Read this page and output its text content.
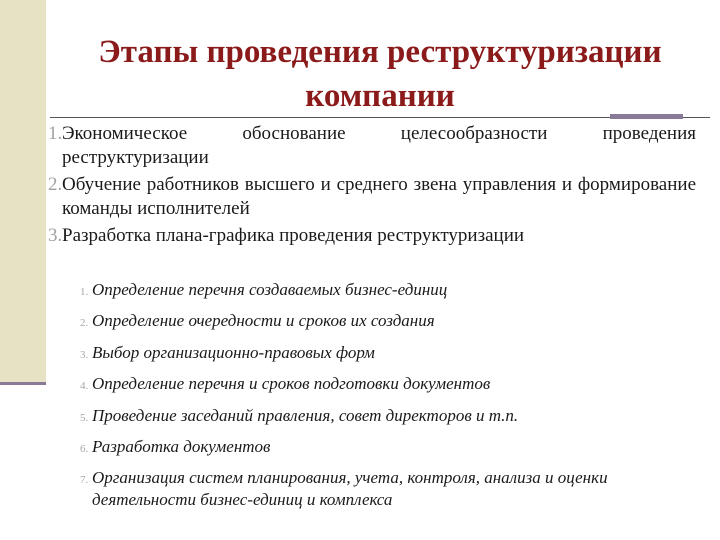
Этапы проведения реструктуризации компании
1. Экономическое обоснование целесообразности проведения реструктуризации
2. Обучение работников высшего и среднего звена управления и формирование команды исполнителей
3. Разработка плана-графика проведения реструктуризации
1. Определение перечня создаваемых бизнес-единиц
2. Определение очередности и сроков их создания
3. Выбор организационно-правовых форм
4. Определение перечня и сроков подготовки документов
5. Проведение заседаний правления, совет директоров и т.п.
6. Разработка документов
7. Организация систем планирования, учета, контроля, анализа и оценки деятельности бизнес-единиц и комплекса
